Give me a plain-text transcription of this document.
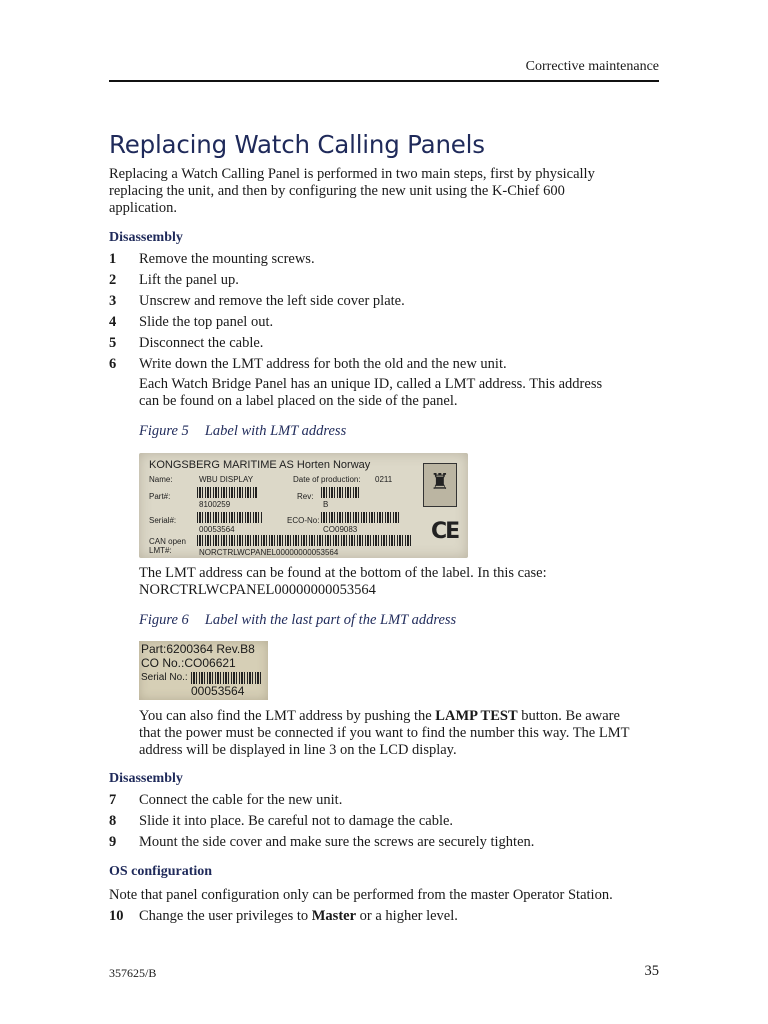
Corrective maintenance
Replacing Watch Calling Panels
Replacing a Watch Calling Panel is performed in two main steps, first by physically
replacing the unit, and then by configuring the new unit using the K-Chief 600
application.
Disassembly
1 Remove the mounting screws.
2 Lift the panel up.
3 Unscrew and remove the left side cover plate.
4 Slide the top panel out.
5 Disconnect the cable.
6 Write down the LMT address for both the old and the new unit.
Each Watch Bridge Panel has an unique ID, called a LMT address. This address
can be found on a label placed on the side of the panel.
Figure 5 Label with LMT address
KONGSBERG MARITIME AS Horten Norway
Name:	WBU DISPLAY	Date of production: 0211
Part#:
8100259
Rev:
B
Serial#:
00053564
ECO-No:
CO09083
CAN open
LMT#:	NORCTRLWCPANEL00000000053564
♜
CE
The LMT address can be found at the bottom of the label. In this case:
NORCTRLWCPANEL00000000053564
Figure 6 Label with the last part of the LMT address
Part:6200364 Rev.B8
CO No.:CO06621
Serial No.:
00053564
You can also find the LMT address by pushing the LAMP TEST button. Be aware
that the power must be connected if you want to find the number this way. The LMT
address will be displayed in line 3 on the LCD display.
Disassembly
7 Connect the cable for the new unit.
8 Slide it into place. Be careful not to damage the cable.
9 Mount the side cover and make sure the screws are securely tighten.
OS configuration
Note that panel configuration only can be performed from the master Operator Station.
10 Change the user privileges to Master or a higher level.
357625/B	35
